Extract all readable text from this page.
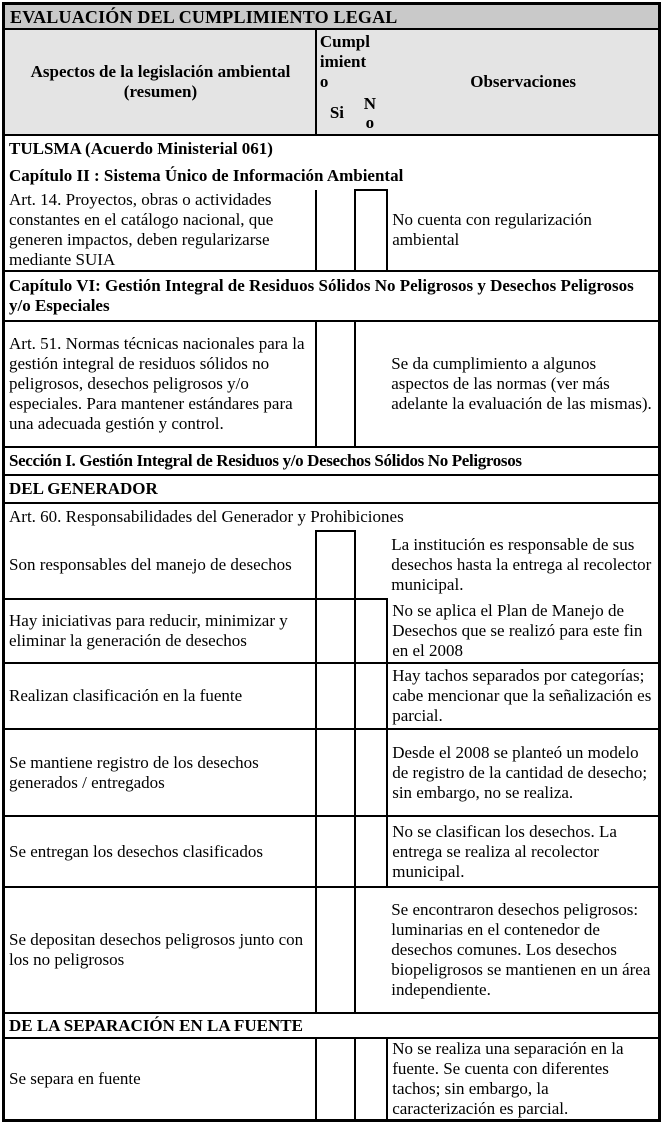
EVALUACIÓN DEL CUMPLIMIENTO LEGAL			
Aspectos de la legislación ambiental (resumen)	Cumplimiento
Si No		Observaciones
TULSMA (Acuerdo Ministerial 061)			
Capítulo II : Sistema Único de Información Ambiental			
Art. 14. Proyectos, obras o actividades constantes en el catálogo nacional, que generen impactos, deben regularizarse mediante SUIA			No cuenta con regularización ambiental
Capítulo VI: Gestión Integral de Residuos Sólidos No Peligrosos y Desechos Peligrosos y/o Especiales			
Art. 51. Normas técnicas nacionales para la gestión integral de residuos sólidos no peligrosos, desechos peligrosos y/o especiales. Para mantener estándares para una adecuada gestión y control.			Se da cumplimiento a algunos aspectos de las normas (ver más adelante la evaluación de las mismas).
Sección I. Gestión Integral de Residuos y/o Desechos Sólidos No Peligrosos			
DEL GENERADOR			
Art. 60. Responsabilidades del Generador y Prohibiciones			
Son responsables del manejo de desechos			La institución es responsable de sus desechos hasta la entrega al recolector municipal.
Hay iniciativas para reducir, minimizar y eliminar la generación de desechos			No se aplica el Plan de Manejo de Desechos que se realizó para este fin en el 2008
Realizan clasificación en la fuente			Hay tachos separados por categorías; cabe mencionar que la señalización es parcial.
Se mantiene registro de los desechos generados / entregados			Desde el 2008 se planteó un modelo de registro de la cantidad de desecho; sin embargo, no se realiza.
Se entregan los desechos clasificados			No se clasifican los desechos. La entrega se realiza al recolector municipal.
Se depositan desechos peligrosos junto con los no peligrosos			Se encontraron desechos peligrosos: luminarias en el contenedor de desechos comunes. Los desechos biopeligrosos se mantienen en un área independiente.
DE LA SEPARACIÓN EN LA FUENTE			
Se separa en fuente			No se realiza una separación en la fuente. Se cuenta con diferentes tachos; sin embargo, la caracterización es parcial.
